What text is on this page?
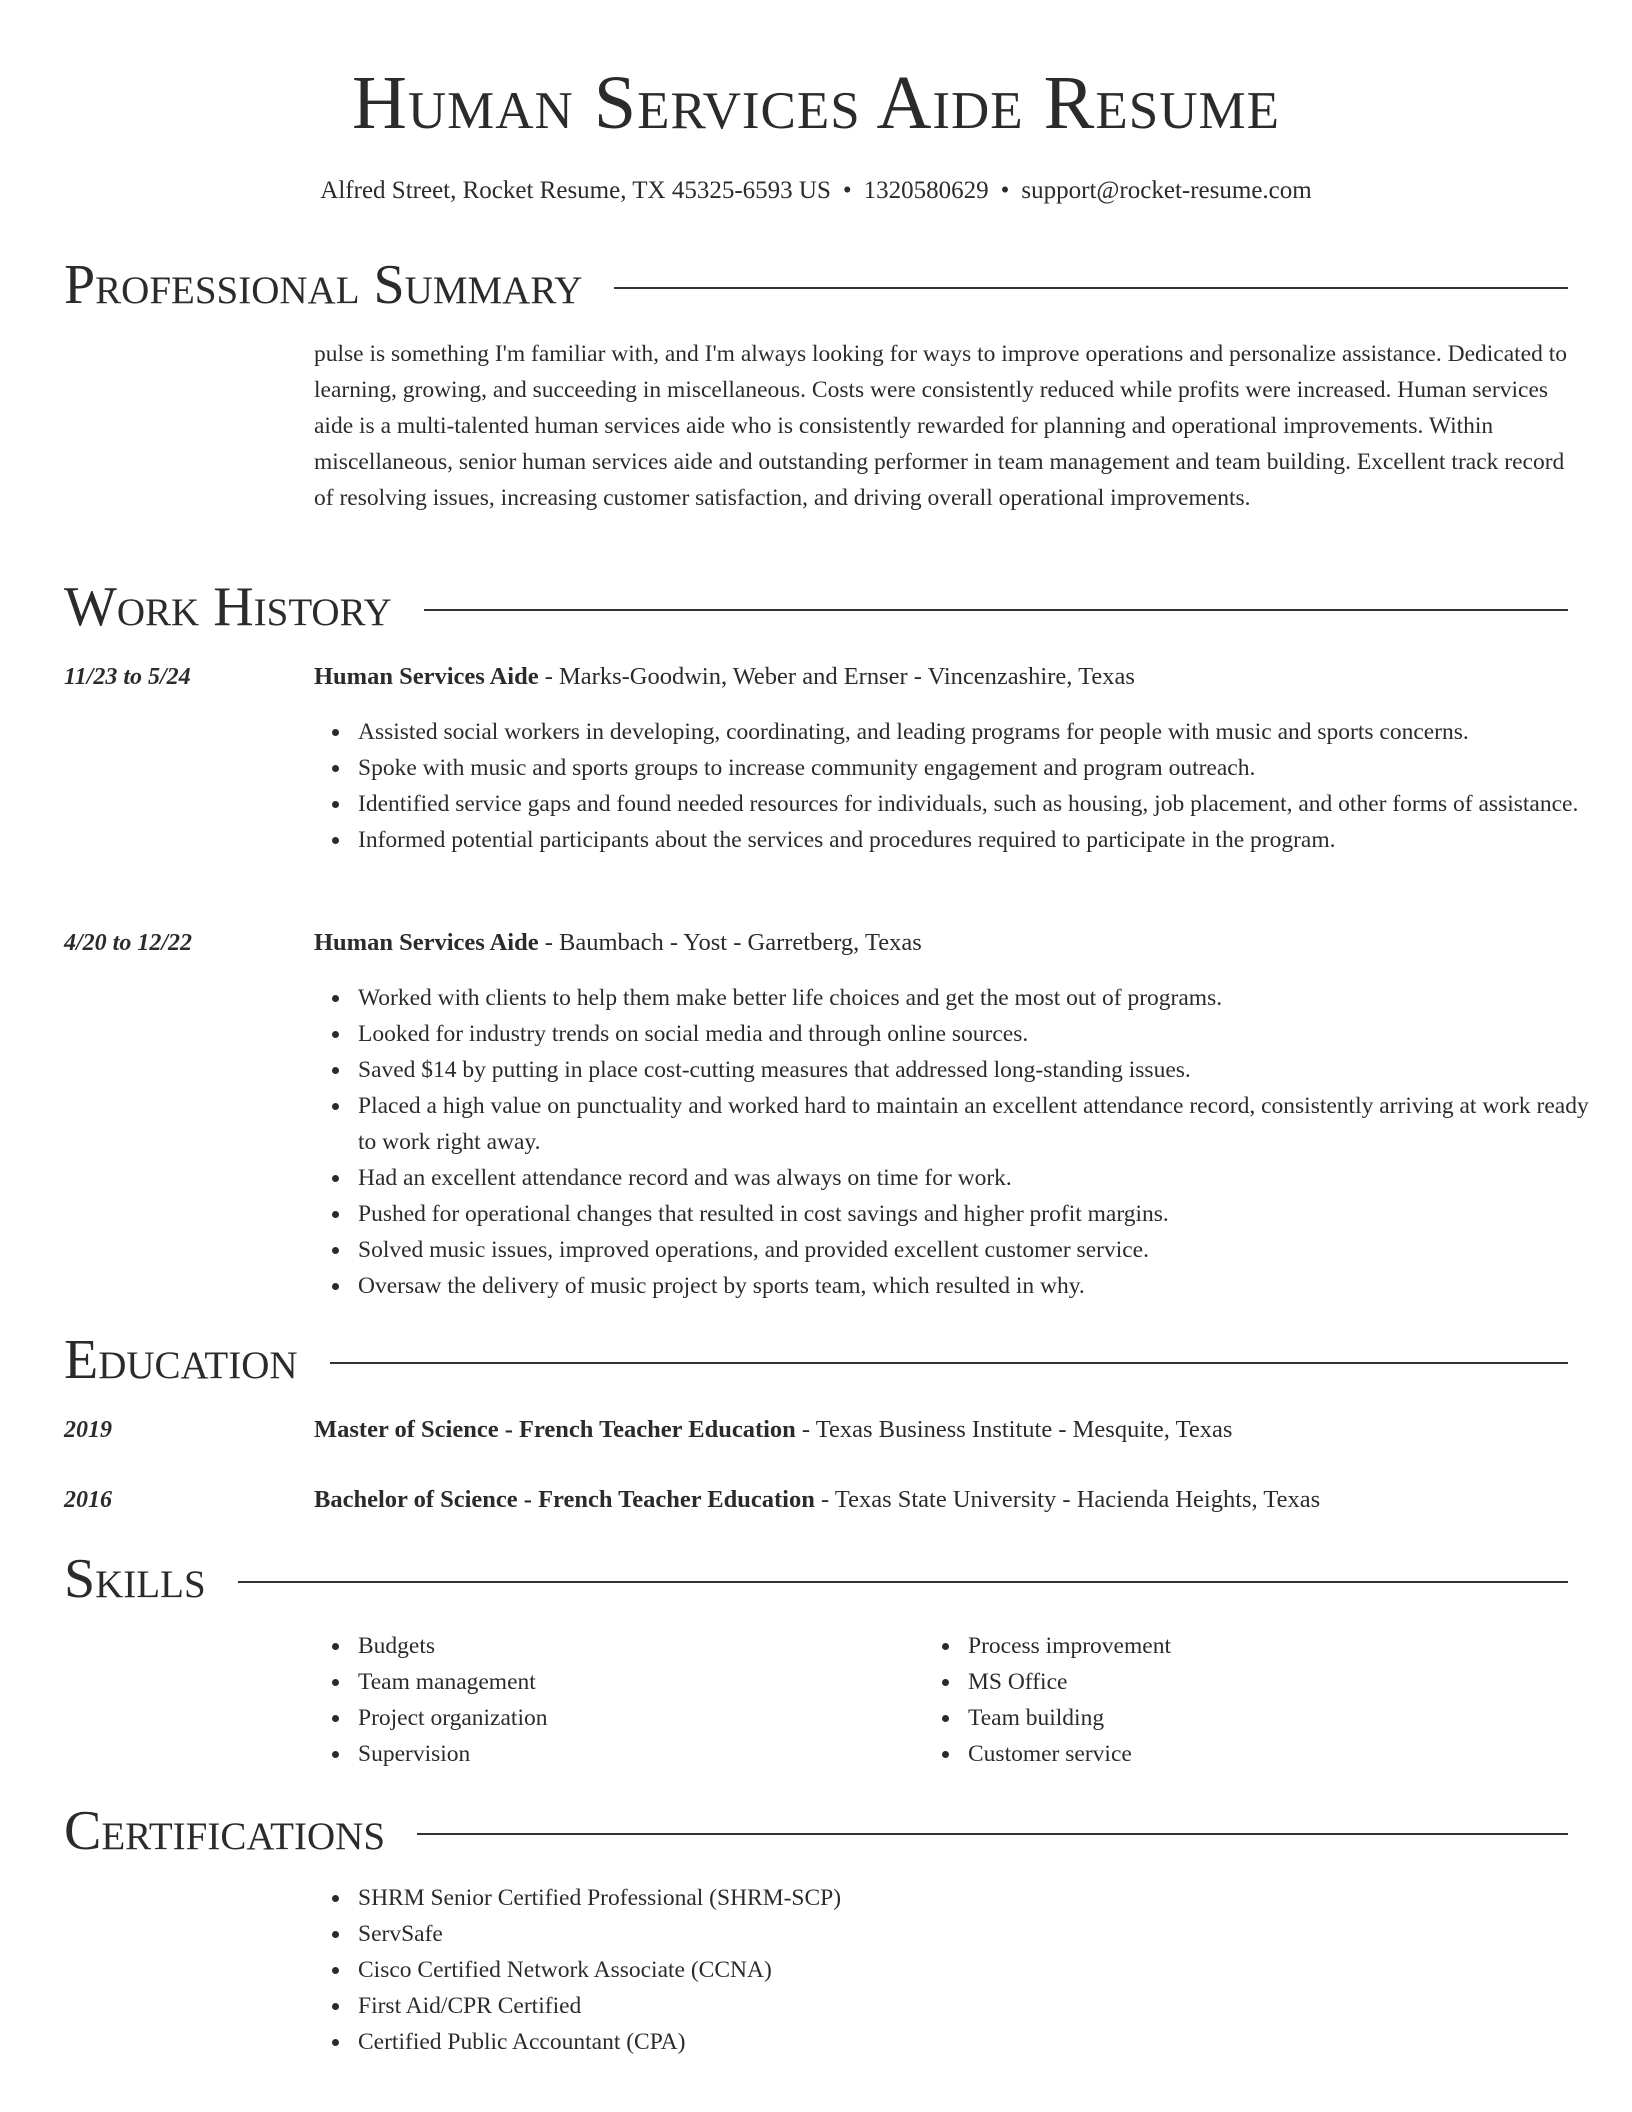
Human Services Aide Resume
Alfred Street, Rocket Resume, TX 45325-6593 US • 1320580629 • support@rocket-resume.com
Professional Summary

pulse is something I'm familiar with, and I'm always looking for ways to improve operations and personalize assistance. Dedicated to learning, growing, and succeeding in miscellaneous. Costs were consistently reduced while profits were increased. Human services aide is a multi-talented human services aide who is consistently rewarded for planning and operational improvements. Within miscellaneous, senior human services aide and outstanding performer in team management and team building. Excellent track record of resolving issues, increasing customer satisfaction, and driving overall operational improvements.

Work History
11/23 to 5/24	Human Services Aide - Marks-Goodwin, Weber and Ernser - Vincenzashire, Texas
Assisted social workers in developing, coordinating, and leading programs for people with music and sports concerns.
Spoke with music and sports groups to increase community engagement and program outreach.
Identified service gaps and found needed resources for individuals, such as housing, job placement, and other forms of assistance.
Informed potential participants about the services and procedures required to participate in the program.
4/20 to 12/22	Human Services Aide - Baumbach - Yost - Garretberg, Texas
Worked with clients to help them make better life choices and get the most out of programs.
Looked for industry trends on social media and through online sources.
Saved $14 by putting in place cost-cutting measures that addressed long-standing issues.
Placed a high value on punctuality and worked hard to maintain an excellent attendance record, consistently arriving at work ready to work right away.
Had an excellent attendance record and was always on time for work.
Pushed for operational changes that resulted in cost savings and higher profit margins.
Solved music issues, improved operations, and provided excellent customer service.
Oversaw the delivery of music project by sports team, which resulted in why.
Education
2019	Master of Science - French Teacher Education - Texas Business Institute - Mesquite, Texas
2016	Bachelor of Science - French Teacher Education - Texas State University - Hacienda Heights, Texas
Skills
Budgets
Team management
Project organization
Supervision
Process improvement
MS Office
Team building
Customer service
Certifications
SHRM Senior Certified Professional (SHRM-SCP)
ServSafe
Cisco Certified Network Associate (CCNA)
First Aid/CPR Certified
Certified Public Accountant (CPA)
